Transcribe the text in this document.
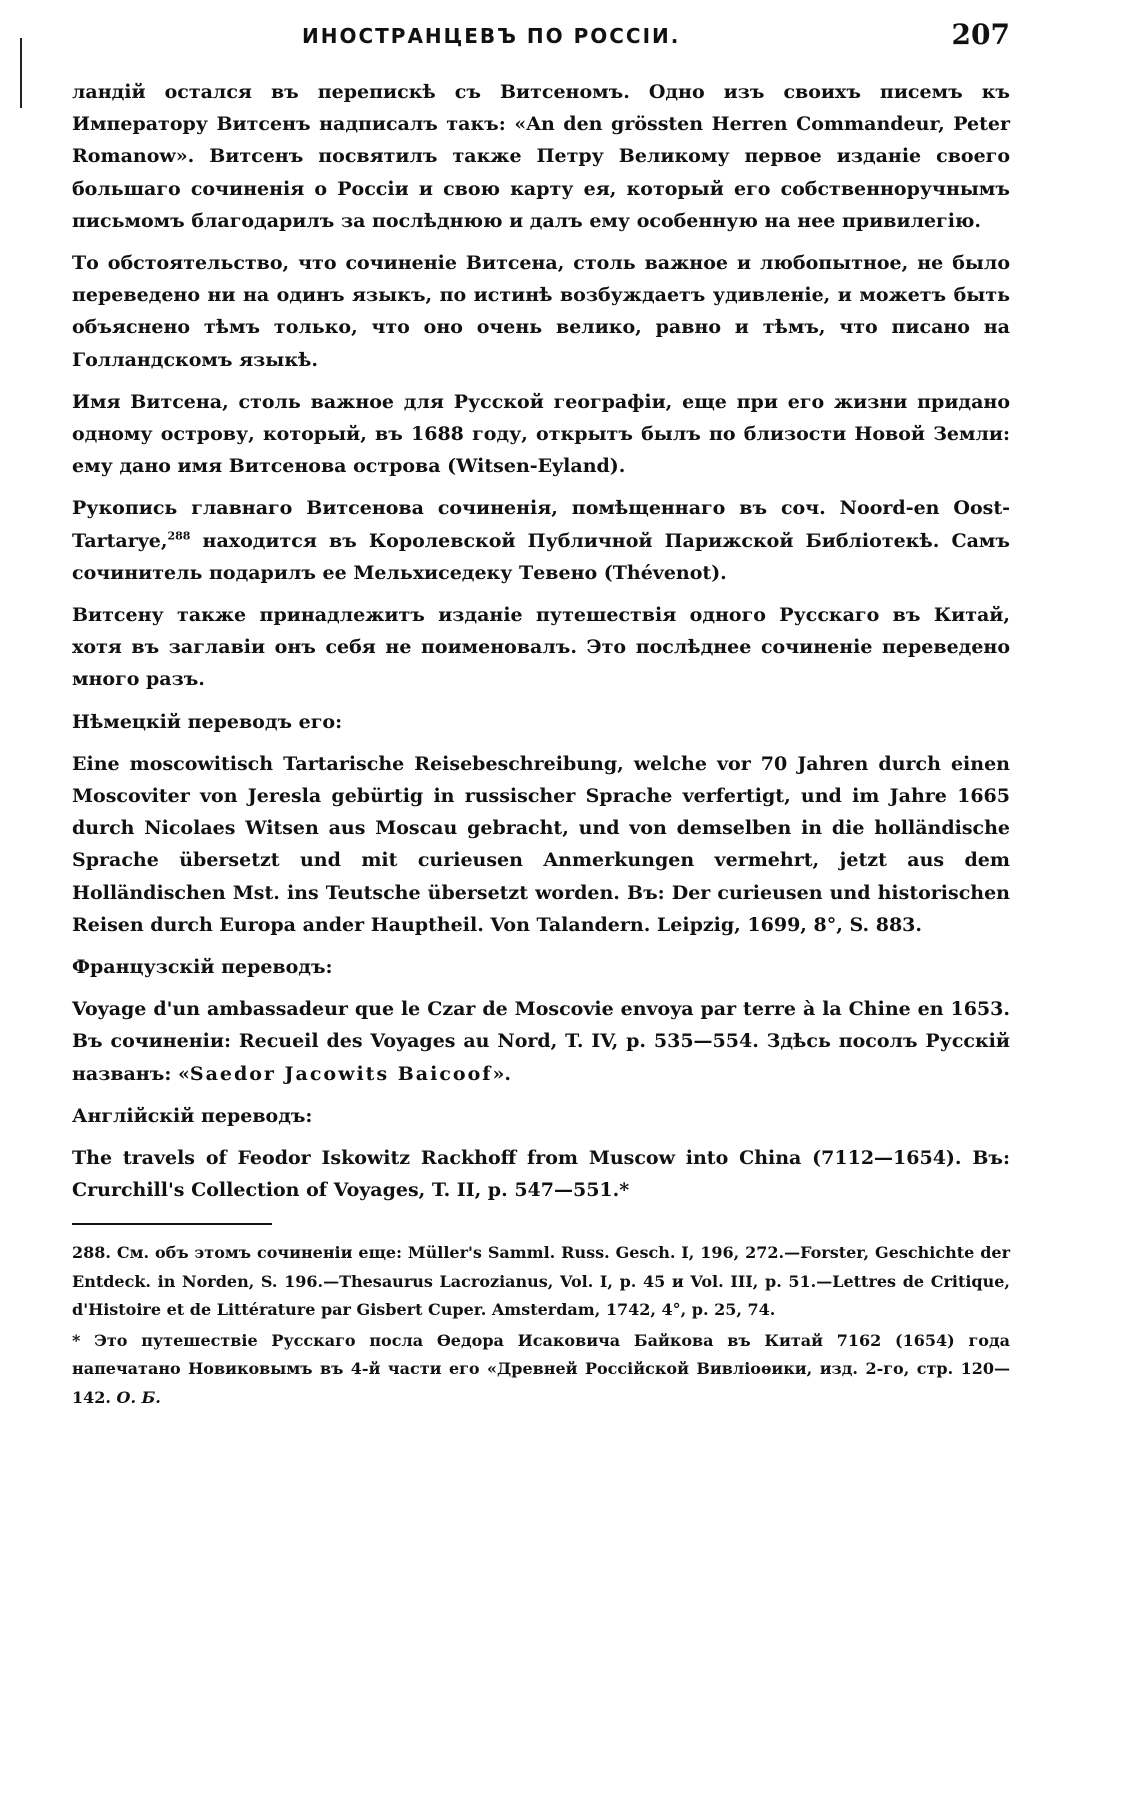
ИНОСТРАНЦЕВЪ ПО РОССІИ.	207

ландій остался въ перепискѣ съ Витсеномъ. Одно изъ своихъ писемъ къ Императору Витсенъ надписалъ такъ: «An den grössten Herren Commandeur, Peter Romanow». Витсенъ посвятилъ также Петру Великому первое изданіе своего большаго сочиненія о Россіи и свою карту ея, который его собственноручнымъ письмомъ благодарилъ за послѣднюю и далъ ему особенную на нее привилегію.

То обстоятельство, что сочиненіе Витсена, столь важное и любопытное, не было переведено ни на одинъ языкъ, по истинѣ возбуждаетъ удивленіе, и можетъ быть объяснено тѣмъ только, что оно очень велико, равно и тѣмъ, что писано на Голландскомъ языкѣ.

Имя Витсена, столь важное для Русской географіи, еще при его жизни придано одному острову, который, въ 1688 году, открытъ былъ по близости Новой Земли: ему дано имя Витсенова острова (Witsen-Eyland).

Рукопись главнаго Витсенова сочиненія, помѣщеннаго въ соч. Noord-en Oost-Tartarye,$^{288}$ находится въ Королевской Публичной Парижской Библіотекѣ. Самъ сочинитель подарилъ ее Мельхиседеку Тевено (Thévenot).

Витсену также принадлежитъ изданіе путешествія одного Русскаго въ Китай, хотя въ заглавіи онъ себя не поименовалъ. Это послѣднее сочиненіе переведено много разъ.

Нѣмецкій переводъ его:

Eine moscowitisch Tartarische Reisebeschreibung, welche vor 70 Jahren durch einen Moscoviter von Jeresla gebürtig in russischer Sprache verfertigt, und im Jahre 1665 durch Nicolaes Witsen aus Moscau gebracht, und von demselben in die holländische Sprache übersetzt und mit curieusen Anmerkungen vermehrt, jetzt aus dem Holländischen Mst. ins Teutsche übersetzt worden. Въ: Der curieusen und historischen Reisen durch Europa ander Hauptheil. Von Talandern. Leipzig, 1699, 8°, S. 883.

Французскій переводъ:

Voyage d'un ambassadeur que le Czar de Moscovie envoya par terre à la Chine en 1653. Въ сочиненіи: Recueil des Voyages au Nord, T. IV, p. 535—554. Здѣсь посолъ Русскій названъ: «Saedor Jacowits Baicoof».

Англійскій переводъ:

The travels of Feodor Iskowitz Rackhoff from Muscow into China (7112—1654). Въ: Crurchill's Collection of Voyages, T. II, p. 547—551.*

288. См. объ этомъ сочиненіи еще: Müller's Samml. Russ. Gesch. I, 196, 272.—Forster, Geschichte der Entdeck. in Norden, S. 196.—Thesaurus Lacrozianus, Vol. I, p. 45 и Vol. III, p. 51.—Lettres de Critique, d'Histoire et de Littérature par Gisbert Cuper. Amsterdam, 1742, 4°, p. 25, 74.

* Это путешествіе Русскаго посла Ѳедора Исаковича Байкова въ Китай 7162 (1654) года напечатано Новиковымъ въ 4-й части его «Древней Россійской Вивліоѳики, изд. 2-го, стр. 120—142. О. Б.
